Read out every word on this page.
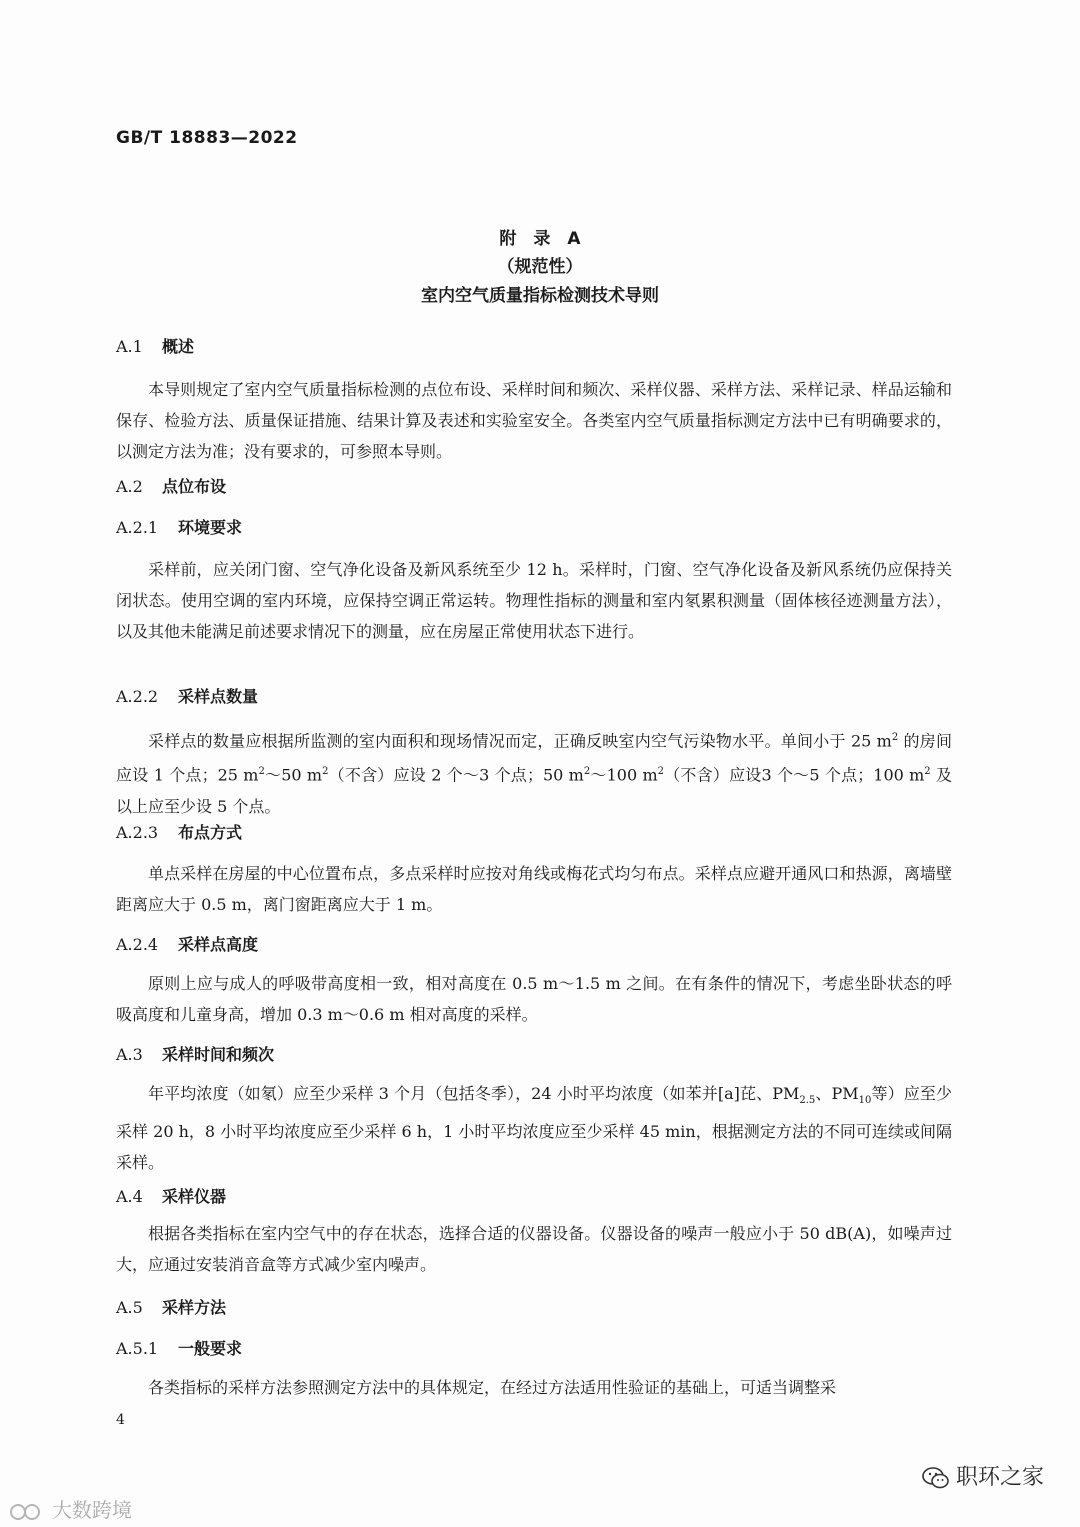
GB/T 18883—2022
附　录　A
（规范性）
室内空气质量指标检测技术导则
A.1 概述
本导则规定了室内空气质量指标检测的点位布设、采样时间和频次、采样仪器、采样方法、采样记录、样品运输和保存、检验方法、质量保证措施、结果计算及表述和实验室安全。各类室内空气质量指标测定方法中已有明确要求的，以测定方法为准；没有要求的，可参照本导则。
A.2 点位布设
A.2.1 环境要求
采样前，应关闭门窗、空气净化设备及新风系统至少 12 h。采样时，门窗、空气净化设备及新风系统仍应保持关闭状态。使用空调的室内环境，应保持空调正常运转。物理性指标的测量和室内氡累积测量（固体核径迹测量方法），以及其他未能满足前述要求情况下的测量，应在房屋正常使用状态下进行。
A.2.2 采样点数量
采样点的数量应根据所监测的室内面积和现场情况而定，正确反映室内空气污染物水平。单间小于 25 $m^2$ 的房间应设 1 个点；25 $m^2\sim 50$ $m^2$（不含）应设 2 个～3 个点；50 $m^2\sim 100$ $m^2$（不含）应设3 个～5 个点；100 $m^2$ 及以上应至少设 5 个点。
A.2.3 布点方式
单点采样在房屋的中心位置布点，多点采样时应按对角线或梅花式均匀布点。采样点应避开通风口和热源，离墙壁距离应大于 0.5 m，离门窗距离应大于 1 m。
A.2.4 采样点高度
原则上应与成人的呼吸带高度相一致，相对高度在 0.5 m～1.5 m 之间。在有条件的情况下，考虑坐卧状态的呼吸高度和儿童身高，增加 0.3 m～0.6 m 相对高度的采样。
A.3 采样时间和频次
年平均浓度（如氡）应至少采样 3 个月（包括冬季），24 小时平均浓度（如苯并[a]芘、$PM_{2.5}$、$PM_{10}$等）应至少采样 20 h，8 小时平均浓度应至少采样 6 h，1 小时平均浓度应至少采样 45 min，根据测定方法的不同可连续或间隔采样。
A.4 采样仪器
根据各类指标在室内空气中的存在状态，选择合适的仪器设备。仪器设备的噪声一般应小于 50 dB(A)，如噪声过大，应通过安装消音盒等方式减少室内噪声。
A.5 采样方法
A.5.1 一般要求
各类指标的采样方法参照测定方法中的具体规定，在经过方法适用性验证的基础上，可适当调整采
4
职环之家
大数跨境
